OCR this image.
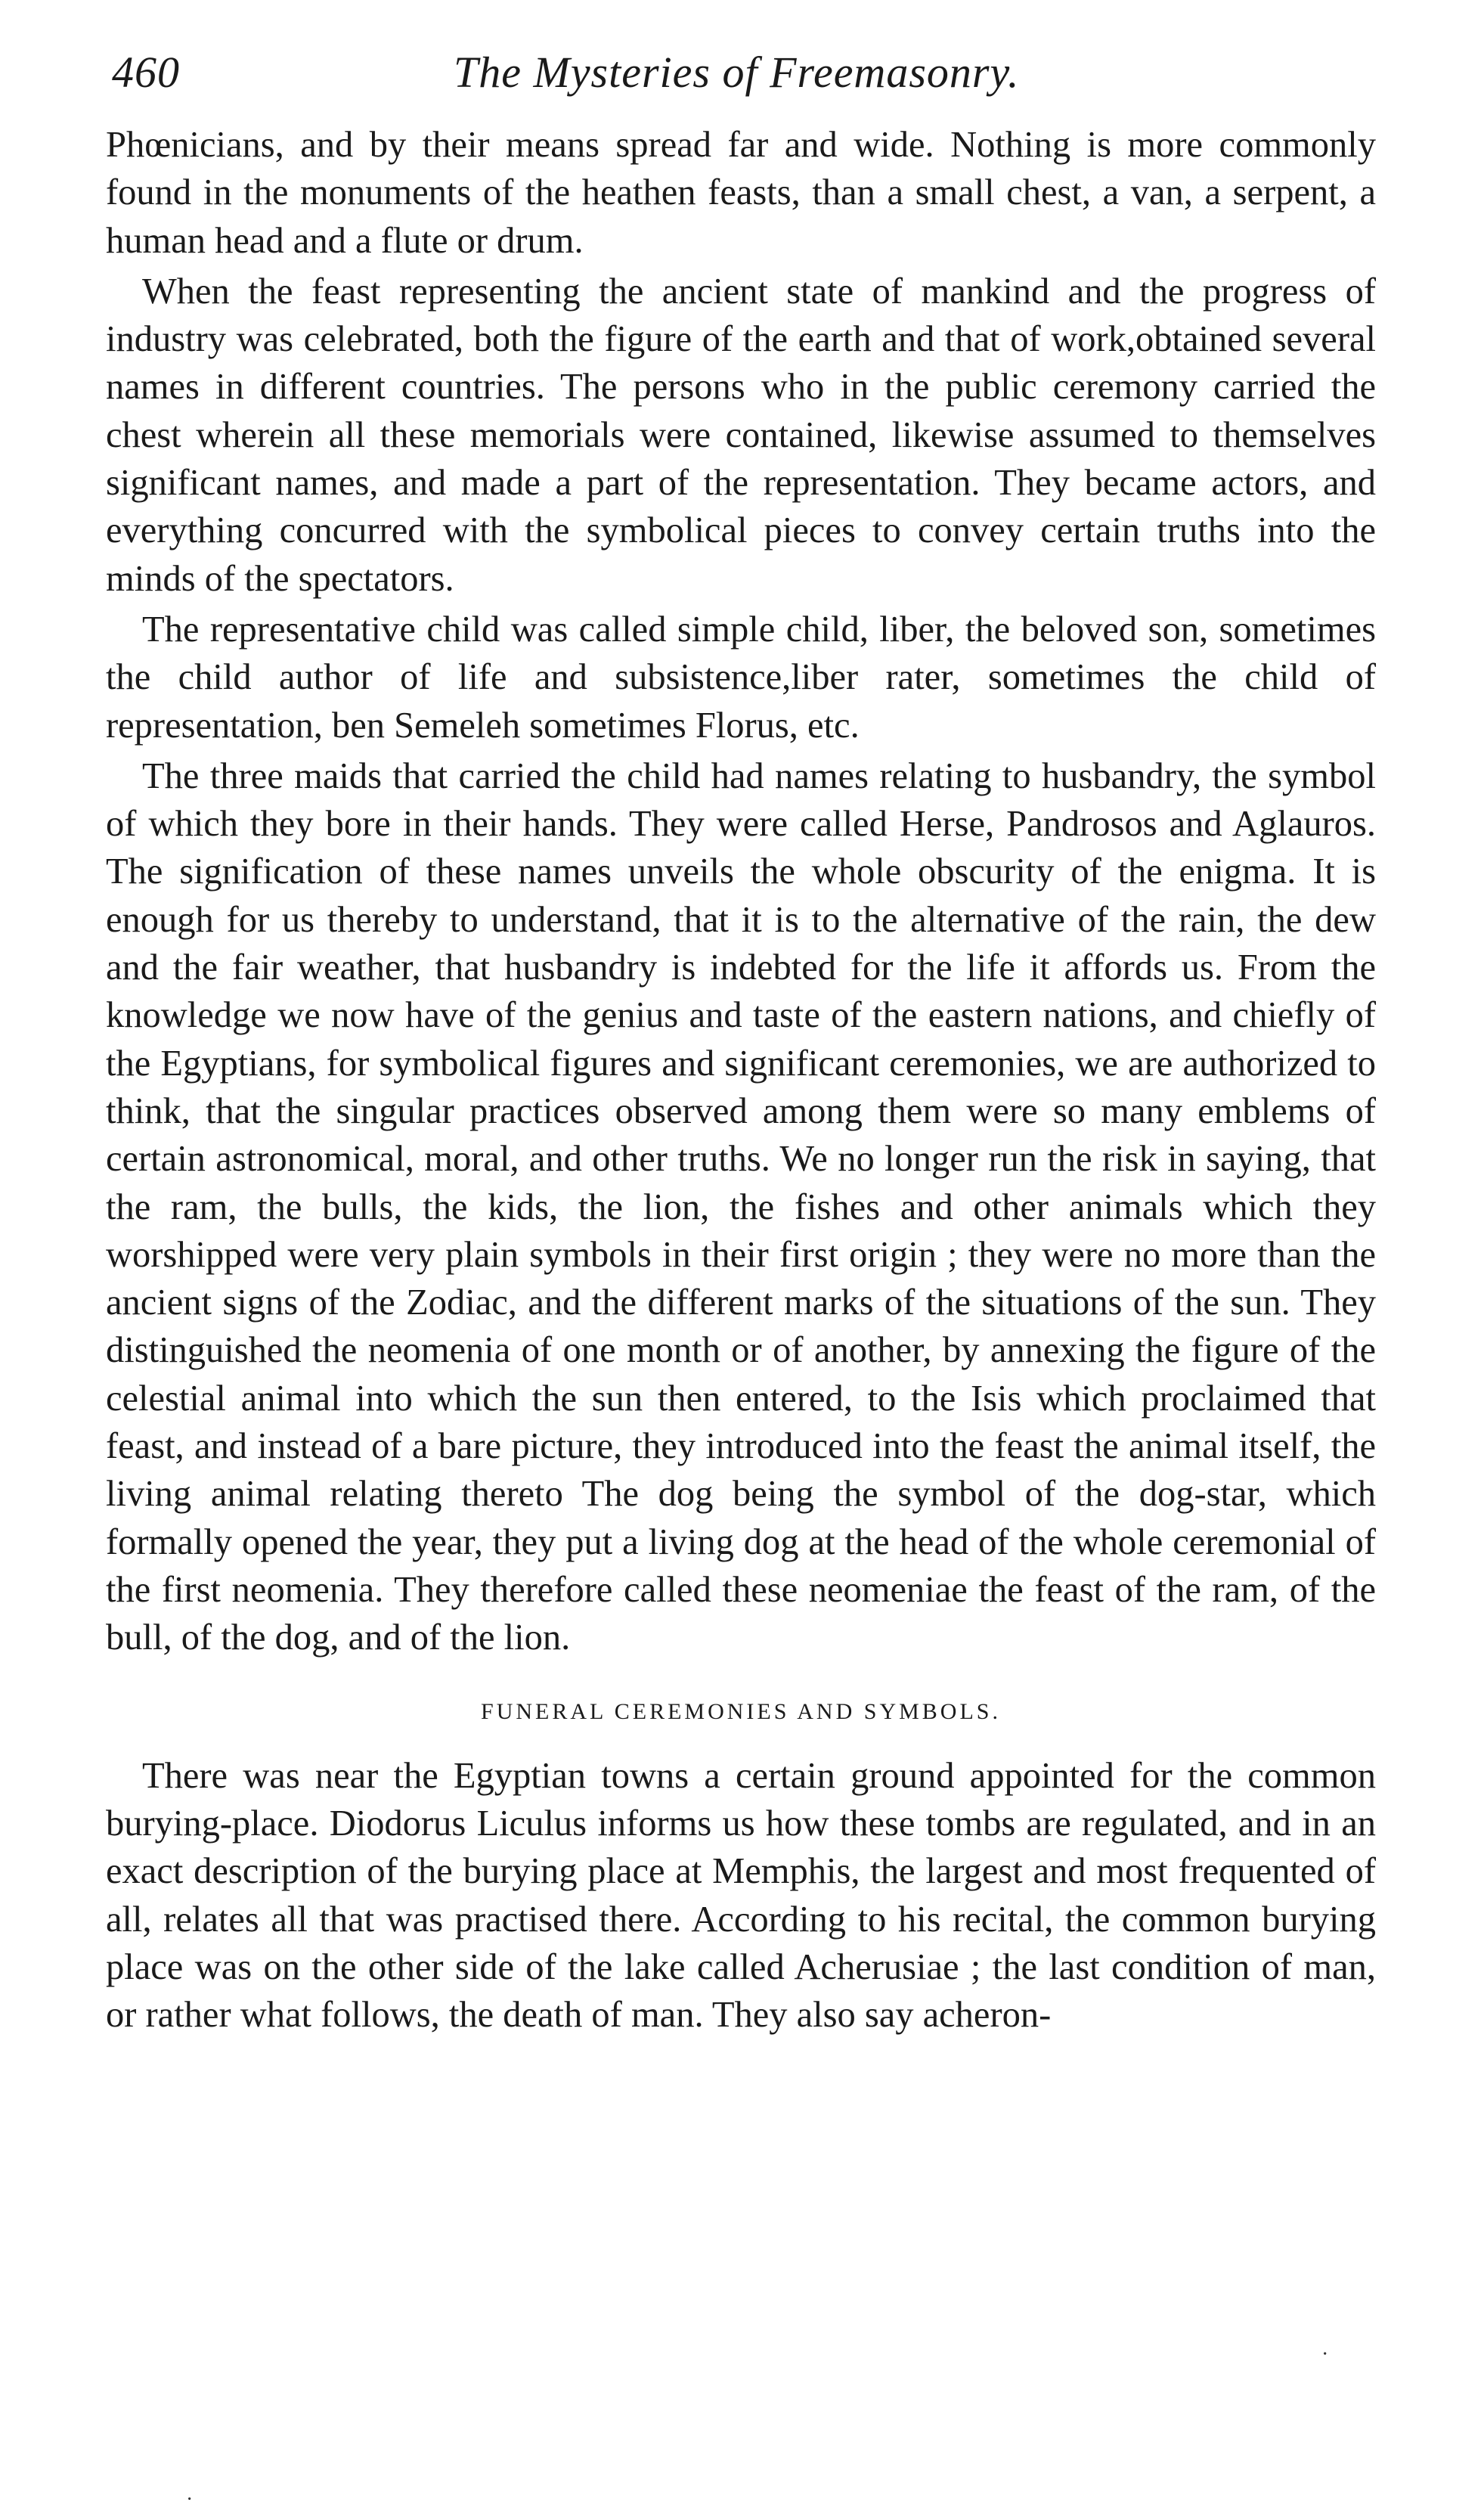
460	The Mysteries of Freemasonry.

Phœnicians, and by their means spread far and wide. Nothing is more commonly found in the monuments of the heathen feasts, than a small chest, a van, a serpent, a human head and a flute or drum.

When the feast representing the ancient state of mankind and the progress of industry was celebrated, both the figure of the earth and that of work,obtained several names in different countries. The persons who in the public ceremony carried the chest wherein all these memorials were contained, likewise assumed to themselves significant names, and made a part of the representation. They became actors, and everything concurred with the symbolical pieces to convey certain truths into the minds of the spectators.

The representative child was called simple child, liber, the beloved son, sometimes the child author of life and subsistence,liber rater, sometimes the child of representation, ben Semeleh sometimes Florus, etc.

The three maids that carried the child had names relating to husbandry, the symbol of which they bore in their hands. They were called Herse, Pandrosos and Aglauros. The signification of these names unveils the whole obscurity of the enigma. It is enough for us thereby to understand, that it is to the alternative of the rain, the dew and the fair weather, that husbandry is indebted for the life it affords us. From the knowledge we now have of the genius and taste of the eastern nations, and chiefly of the Egyptians, for symbolical figures and significant ceremonies, we are authorized to think, that the singular practices observed among them were so many emblems of certain astronomical, moral, and other truths. We no longer run the risk in saying, that the ram, the bulls, the kids, the lion, the fishes and other animals which they worshipped were very plain symbols in their first origin ; they were no more than the ancient signs of the Zodiac, and the different marks of the situations of the sun. They distinguished the neomenia of one month or of another, by annexing the figure of the celestial animal into which the sun then entered, to the Isis which proclaimed that feast, and instead of a bare picture, they introduced into the feast the animal itself, the living animal relating thereto The dog being the symbol of the dog-star, which formally opened the year, they put a living dog at the head of the whole ceremonial of the first neomenia. They therefore called these neomeniae the feast of the ram, of the bull, of the dog, and of the lion.

FUNERAL CEREMONIES AND SYMBOLS.

There was near the Egyptian towns a certain ground appointed for the common burying-place. Diodorus Liculus informs us how these tombs are regulated, and in an exact description of the burying place at Memphis, the largest and most frequented of all, relates all that was practised there. According to his recital, the common burying place was on the other side of the lake called Acherusiae ; the last condition of man, or rather what follows, the death of man. They also say acheron-

·
·
